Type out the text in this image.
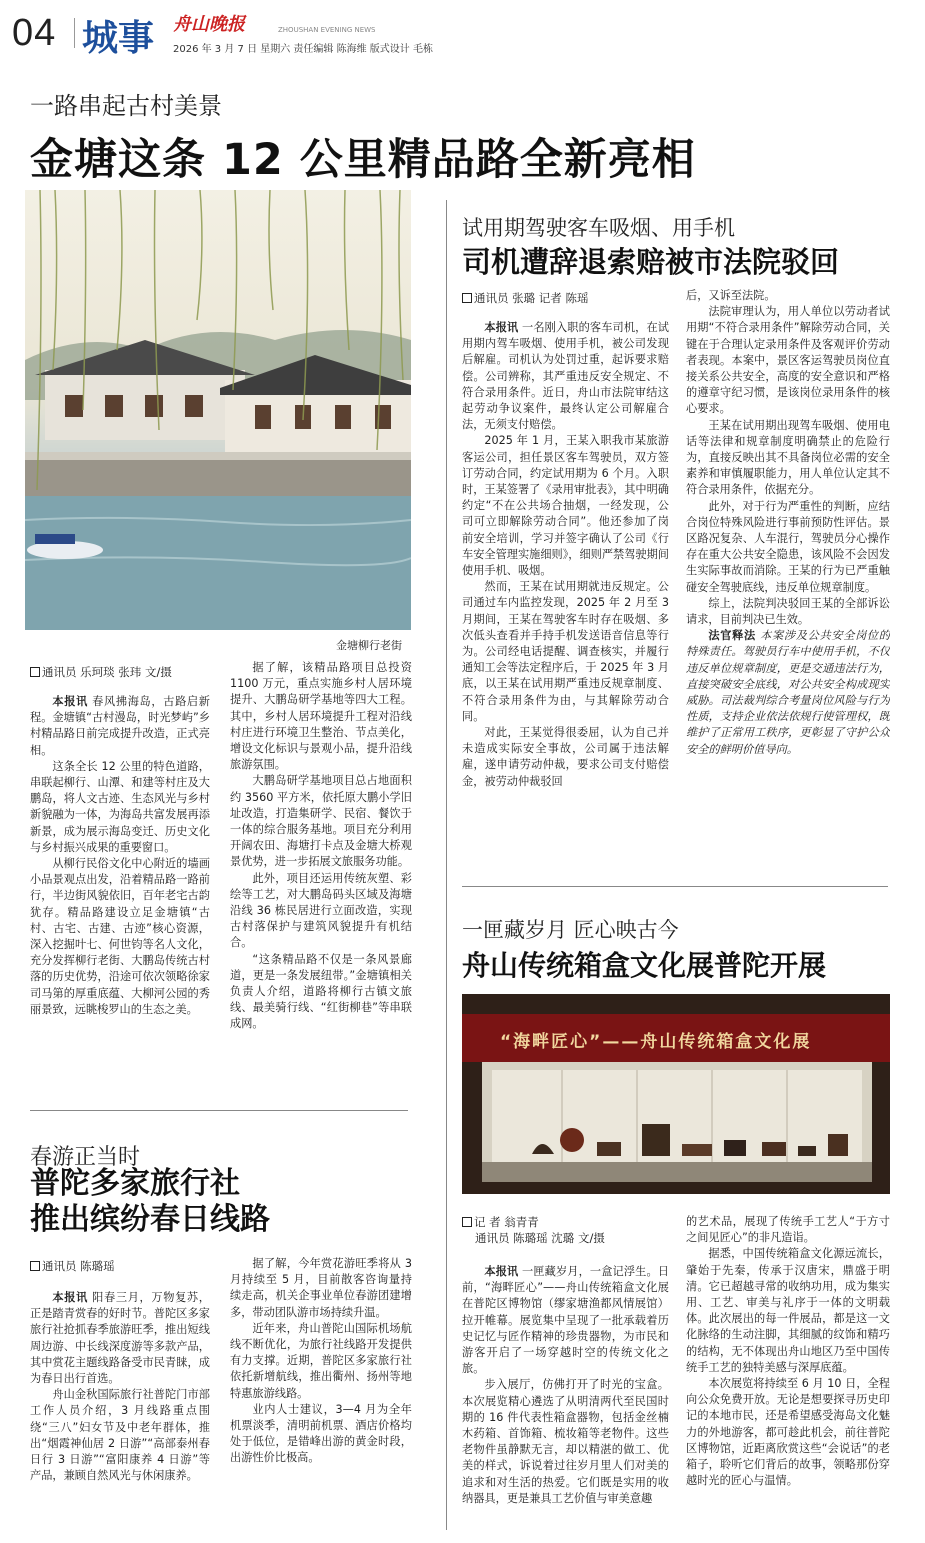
04 城事 舟山晚报	ZHOUSHAN EVENING NEWS
2026 年 3 月 7 日 星期六 责任编辑 陈海维 版式设计 毛栋
一路串起古村美景
金塘这条 12 公里精品路全新亮相
金塘柳行老街
通讯员 乐珂琰 张玮 文/摄

本报讯 春风拂海岛，古路启新程。金塘镇“古村漫岛，时光梦屿”乡村精品路日前完成提升改造，正式亮相。

这条全长 12 公里的特色道路，串联起柳行、山潭、和建等村庄及大鹏岛，将人文古迹、生态风光与乡村新貌融为一体，为海岛共富发展再添新景，成为展示海岛变迁、历史文化与乡村振兴成果的重要窗口。

从柳行民俗文化中心附近的墙画小品景观点出发，沿着精品路一路前行，半边街风貌依旧，百年老宅古韵犹存。精品路建设立足金塘镇“古村、古宅、古建、古迹”核心资源，深入挖掘叶七、何世钧等名人文化，充分发挥柳行老街、大鹏岛传统古村落的历史优势，沿途可依次领略徐家司马第的厚重底蕴、大柳河公园的秀丽景致，远眺梭罗山的生态之美。

据了解，该精品路项目总投资 1100 万元，重点实施乡村人居环境提升、大鹏岛研学基地等四大工程。其中，乡村人居环境提升工程对沿线村庄进行环境卫生整治、节点美化，增设文化标识与景观小品，提升沿线旅游氛围。

大鹏岛研学基地项目总占地面积约 3560 平方米，依托原大鹏小学旧址改造，打造集研学、民宿、餐饮于一体的综合服务基地。项目充分利用开阔农田、海塘打卡点及金塘大桥观景优势，进一步拓展文旅服务功能。

此外，项目还运用传统灰塑、彩绘等工艺，对大鹏岛码头区域及海塘沿线 36 栋民居进行立面改造，实现古村落保护与建筑风貌提升有机结合。

“这条精品路不仅是一条风景廊道，更是一条发展纽带。”金塘镇相关负责人介绍，道路将柳行古镇文旅线、最美骑行线、“红街柳巷”等串联成网。

试用期驾驶客车吸烟、用手机
司机遭辞退索赔被市法院驳回
通讯员 张璐 记者 陈瑶

本报讯 一名刚入职的客车司机，在试用期内驾车吸烟、使用手机，被公司发现后解雇。司机认为处罚过重，起诉要求赔偿。公司辨称，其严重违反安全规定、不符合录用条件。近日，舟山市法院审结这起劳动争议案件，最终认定公司解雇合法，无须支付赔偿。

2025 年 1 月，王某入职我市某旅游客运公司，担任景区客车驾驶员，双方签订劳动合同，约定试用期为 6 个月。入职时，王某签署了《录用审批表》，其中明确约定“不在公共场合抽烟，一经发现，公司可立即解除劳动合同”。他还参加了岗前安全培训，学习并签字确认了公司《行车安全管理实施细则》，细则严禁驾驶期间使用手机、吸烟。

然而，王某在试用期就违反规定。公司通过车内监控发现，2025 年 2 月至 3 月期间，王某在驾驶客车时存在吸烟、多次低头查看并手持手机发送语音信息等行为。公司经电话提醒、调查核实，并履行通知工会等法定程序后，于 2025 年 3 月底，以王某在试用期严重违反规章制度、不符合录用条件为由，与其解除劳动合同。

对此，王某觉得很委屈，认为自己并未造成实际安全事故，公司属于违法解雇，遂申请劳动仲裁，要求公司支付赔偿金，被劳动仲裁驳回

后，又诉至法院。

法院审理认为，用人单位以劳动者试用期“不符合录用条件”解除劳动合同，关键在于合理认定录用条件及客观评价劳动者表现。本案中，景区客运驾驶员岗位直接关系公共安全，高度的安全意识和严格的遵章守纪习惯，是该岗位录用条件的核心要求。

王某在试用期出现驾车吸烟、使用电话等法律和规章制度明确禁止的危险行为，直接反映出其不具备岗位必需的安全素养和审慎履职能力，用人单位认定其不符合录用条件，依据充分。

此外，对于行为严重性的判断，应结合岗位特殊风险进行事前预防性评估。景区路况复杂、人车混行，驾驶员分心操作存在重大公共安全隐患，该风险不会因发生实际事故而消除。王某的行为已严重触碰安全驾驶底线，违反单位规章制度。

综上，法院判决驳回王某的全部诉讼请求，目前判决已生效。

法官释法 本案涉及公共安全岗位的特殊责任。驾驶员行车中使用手机，不仅违反单位规章制度，更是交通违法行为，直接突破安全底线，对公共安全构成现实威胁。司法裁判综合考量岗位风险与行为性质，支持企业依法依规行使管理权，既维护了正常用工秩序，更彰显了守护公众安全的鲜明价值导向。

一匣藏岁月 匠心映古今
舟山传统箱盒文化展普陀开展
“海畔匠心”——舟山传统箱盒文化展
记 者 翁青青
通讯员 陈璐瑶 沈璐 文/摄

本报讯 一匣藏岁月，一盒记浮生。日前，“海畔匠心”——舟山传统箱盒文化展在普陀区博物馆（缪家塘渔都风情展馆）拉开帷幕。展览集中呈现了一批承载着历史记忆与匠作精神的珍贵器物，为市民和游客开启了一场穿越时空的传统文化之旅。

步入展厅，仿佛打开了时光的宝盒。本次展览精心遴选了从明清两代至民国时期的 16 件代表性箱盒器物，包括金丝楠木药箱、首饰箱、梳妆箱等老物件。这些老物件虽静默无言，却以精湛的做工、优美的样式，诉说着过往岁月里人们对美的追求和对生活的热爱。它们既是实用的收纳器具，更是兼具工艺价值与审美意趣

的艺术品，展现了传统手工艺人“于方寸之间见匠心”的非凡造诣。

据悉，中国传统箱盒文化源远流长，肇始于先秦，传承于汉唐宋，鼎盛于明清。它已超越寻常的收纳功用，成为集实用、工艺、审美与礼序于一体的文明载体。此次展出的每一件展品，都是这一文化脉络的生动注脚，其细腻的纹饰和精巧的结构，无不体现出舟山地区乃至中国传统手工艺的独特美感与深厚底蕴。

本次展览将持续至 6 月 10 日，全程向公众免费开放。无论是想要探寻历史印记的本地市民，还是希望感受海岛文化魅力的外地游客，都可趁此机会，前往普陀区博物馆，近距离欣赏这些“会说话”的老箱子，聆听它们背后的故事，领略那份穿越时光的匠心与温情。

春游正当时
普陀多家旅行社
推出缤纷春日线路
通讯员 陈璐瑶

本报讯 阳春三月，万物复苏，正是踏青赏春的好时节。普陀区多家旅行社抢抓春季旅游旺季，推出短线周边游、中长线深度游等多款产品，其中赏花主题线路备受市民青睐，成为春日出行首选。

舟山金秋国际旅行社普陀门市部工作人员介绍，3 月线路重点围绕“三八”妇女节及中老年群体，推出“烟霞神仙居 2 日游”“高部泰州春日行 3 日游”“富阳康养 4 日游”等产品，兼顾自然风光与休闲康养。

据了解，今年赏花游旺季将从 3 月持续至 5 月，目前散客咨询量持续走高，机关企事业单位春游团建增多，带动团队游市场持续升温。

近年来，舟山普陀山国际机场航线不断优化，为旅行社线路开发提供有力支撑。近期，普陀区多家旅行社依托新增航线，推出衢州、扬州等地特惠旅游线路。

业内人士建议，3—4 月为全年机票淡季，清明前机票、酒店价格均处于低位，是错峰出游的黄金时段，出游性价比极高。
